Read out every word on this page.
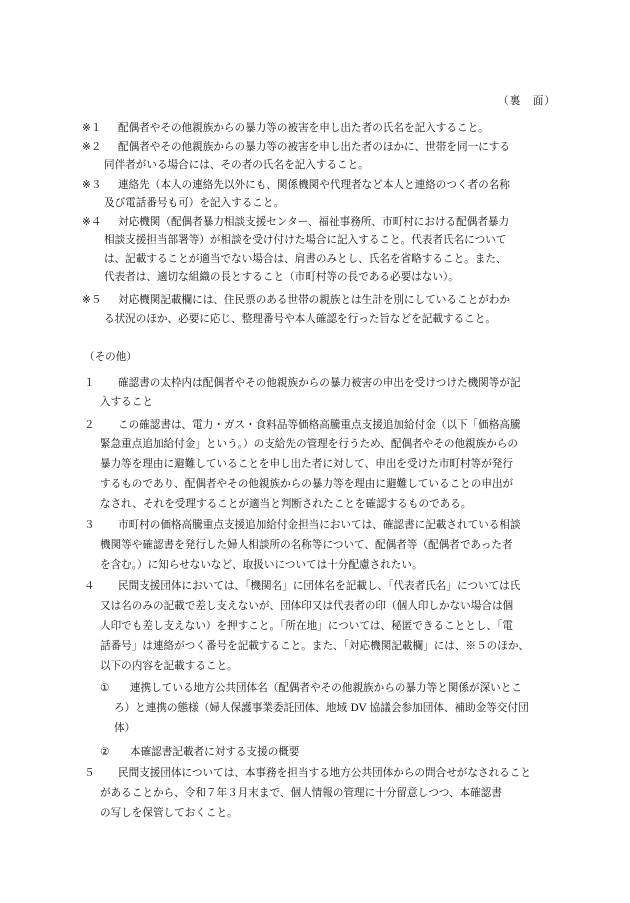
（裏　面）
※１ 配偶者やその他親族からの暴力等の被害を申し出た者の氏名を記入すること。
※２ 配偶者やその他親族からの暴力等の被害を申し出た者のほかに、世帯を同一にする
同伴者がいる場合には、その者の氏名を記入すること。
※３ 連絡先（本人の連絡先以外にも、関係機関や代理者など本人と連絡のつく者の名称
及び電話番号も可）を記入すること。
※４ 対応機関（配偶者暴力相談支援センター、福祉事務所、市町村における配偶者暴力
相談支援担当部署等）が相談を受け付けた場合に記入すること。代表者氏名について
は、記載することが適当でない場合は、肩書のみとし、氏名を省略すること。また、
代表者は、適切な組織の長とすること（市町村等の長である必要はない）。
※５ 対応機関記載欄には、住民票のある世帯の親族とは生計を別にしていることがわか
る状況のほか、必要に応じ、整理番号や本人確認を行った旨などを記載すること。
（その他）
１ 確認書の太枠内は配偶者やその他親族からの暴力被害の申出を受けつけた機関等が記
入すること
２ この確認書は、電力・ガス・食料品等価格高騰重点支援追加給付金（以下「価格高騰
緊急重点追加給付金」という。）の支給先の管理を行うため、配偶者やその他親族からの
暴力等を理由に避難していることを申し出た者に対して、申出を受けた市町村等が発行
するものであり、配偶者やその他親族からの暴力等を理由に避難していることの申出が
なされ、それを受理することが適当と判断されたことを確認するものである。
３ 市町村の価格高騰重点支援追加給付金担当においては、確認書に記載されている相談
機関等や確認書を発行した婦人相談所の名称等について、配偶者等（配偶者であった者
を含む。）に知らせないなど、取扱いについては十分配慮されたい。
４ 民間支援団体においては、「機関名」に団体名を記載し、「代表者氏名」については氏
又は名のみの記載で差し支えないが、団体印又は代表者の印（個人印しかない場合は個
人印でも差し支えない）を押すこと。「所在地」については、秘匿できることとし、「電
話番号」は連絡がつく番号を記載すること。また、「対応機関記載欄」には、※５のほか、
以下の内容を記載すること。
① 連携している地方公共団体名（配偶者やその他親族からの暴力等と関係が深いとこ
ろ）と連携の態様（婦人保護事業委託団体、地域 DV 協議会参加団体、補助金等交付団
体）
② 本確認書記載者に対する支援の概要
５ 民間支援団体については、本事務を担当する地方公共団体からの問合せがなされること
があることから、令和７年３月末まで、個人情報の管理に十分留意しつつ、本確認書
の写しを保管しておくこと。
